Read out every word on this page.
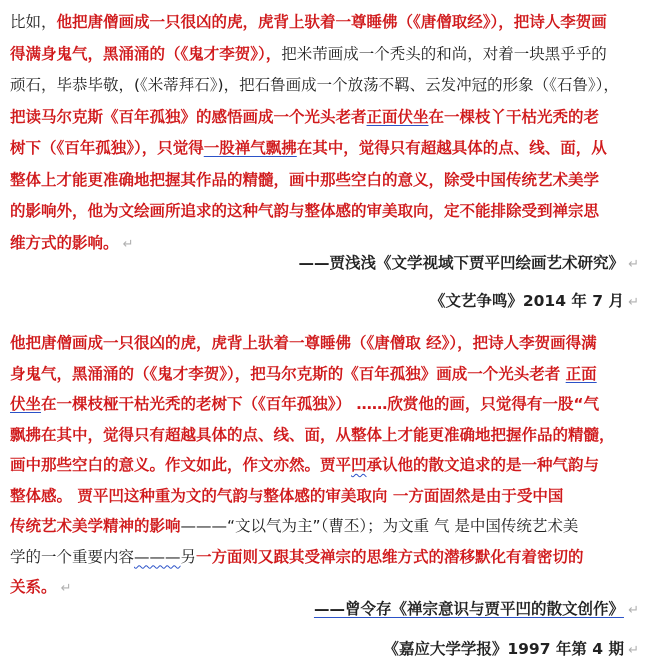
比如，他把唐僧画成一只很凶的虎，虎背上驮着一尊睡佛（《唐僧取经》），把诗人李贺画
得满身鬼气，黑涌涌的（《鬼才李贺》），把米芾画成一个秃头的和尚，对着一块黑乎乎的
顽石，毕恭毕敬，(《米蒂拜石》)，把石鲁画成一个放荡不羁、云发冲冠的形象（《石鲁》），
把读马尔克斯《百年孤独》的感悟画成一个光头老者正面伏坐在一棵枝丫干枯光秃的老
树下（《百年孤独》），只觉得一股禅气飘拂在其中，觉得只有超越具体的点、线、面，从
整体上才能更准确地把握其作品的精髓，画中那些空白的意义，除受中国传统艺术美学
的影响外，他为文绘画所追求的这种气韵与整体感的审美取向，定不能排除受到禅宗思
维方式的影响。 ↵
——贾浅浅《文学视域下贾平凹绘画艺术研究》 ↵
《文艺争鸣》2014 年 7 月 ↵
他把唐僧画成一只很凶的虎，虎背上驮着一尊睡佛（《唐僧取 经》），把诗人李贺画得满
身鬼气，黑涌涌的（《鬼才李贺》），把马尔克斯的《百年孤独》画成一个光头老者 正面
伏坐在一棵枝桠干枯光秃的老树下（《百年孤独》） ……欣赏他的画，只觉得有一股“气
飘拂在其中，觉得只有超越具体的点、线、面，从整体上才能更准确地把握作品的精髓，
画中那些空白的意义。作文如此，作文亦然。贾平凹承认他的散文追求的是一种气韵与
整体感。 贾平凹这种重为文的气韵与整体感的审美取向 一方面固然是由于受中国
传统艺术美学精神的影响———“文以气为主”（曹丕）；为文重 气 是中国传统艺术美
学的一个重要内容———另一方面则又跟其受禅宗的思维方式的潜移默化有着密切的
关系。 ↵
——曾令存《禅宗意识与贾平凹的散文创作》 ↵
《嘉应大学学报》1997 年第 4 期 ↵
